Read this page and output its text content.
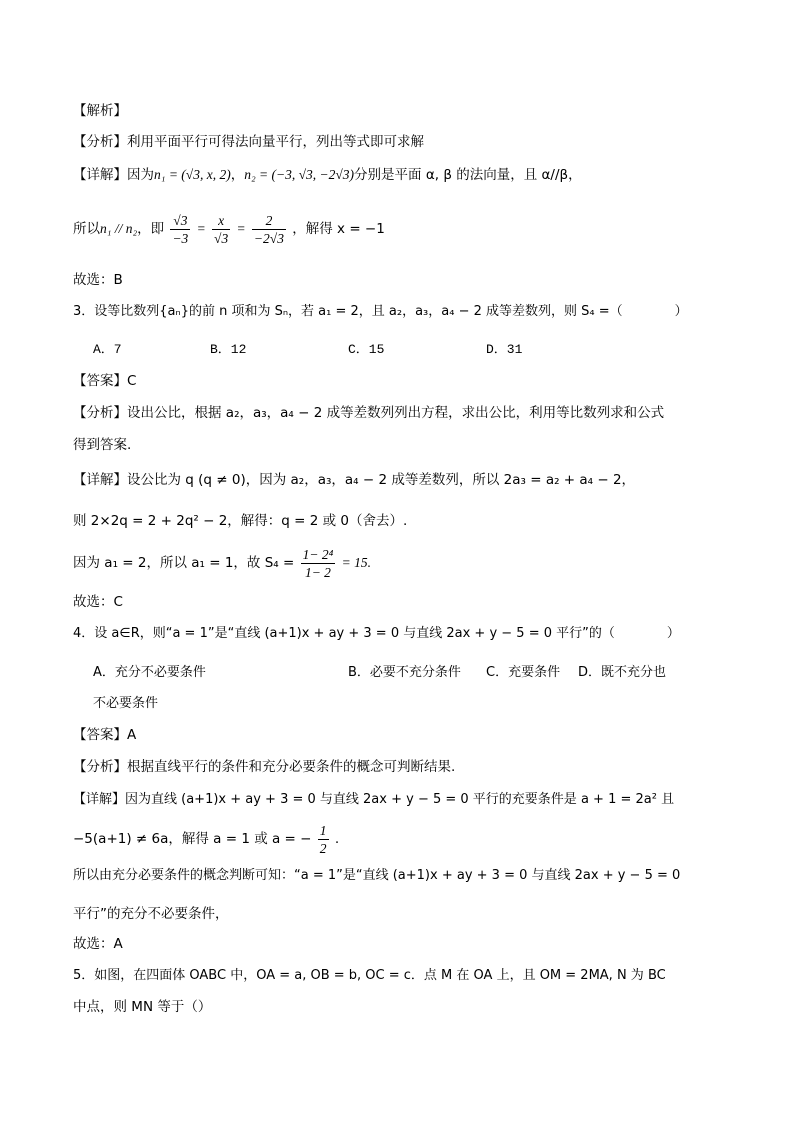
【解析】
【分析】利用平面平行可得法向量平行，列出等式即可求解
【详解】因为n₁ = (√3, x, 2)，n₂ = (−3, √3, −2√3)分别是平面 α, β 的法向量，且 α//β，
所以n₁ // n₂，即 $\frac{√3}{-3} = \frac{x}{√3} = \frac{2}{-2√3}$ ，解得 x = −1
故选：B
3．设等比数列{aₙ}的前 n 项和为 Sₙ，若 a₁ = 2，且 a₂，a₃，a₄ − 2 成等差数列，则 S₄ =（　　　　）
A．7	B．12	C．15	D．31
【答案】C
【分析】设出公比，根据 a₂，a₃，a₄ − 2 成等差数列列出方程，求出公比，利用等比数列求和公式
得到答案.
【详解】设公比为 q (q ≠ 0)，因为 a₂，a₃，a₄ − 2 成等差数列，所以 2a₃ = a₂ + a₄ − 2，
则 2×2q = 2 + 2q² − 2，解得：q = 2 或 0（舍去）.
因为 a₁ = 2，所以 a₁ = 1，故 $S_4 = \frac{\text{1− 2⁴}}{1- 2} = 15$.
故选：C
4．设 a∈R，则“a = 1”是“直线 (a+1)x + ay + 3 = 0 与直线 2ax + y − 5 = 0 平行”的（　　　　）
A．充分不必要条件	B．必要不充分条件 C．充要条件 D．既不充分也
不必要条件
【答案】A
【分析】根据直线平行的条件和充分必要条件的概念可判断结果.
【详解】因为直线 (a+1)x + ay + 3 = 0 与直线 2ax + y − 5 = 0 平行的充要条件是 a + 1 = 2a² 且
−5(a+1) ≠ 6a，解得 a = 1 或 a = − $\frac{1}{2}$ .
所以由充分必要条件的概念判断可知：“a = 1”是“直线 (a+1)x + ay + 3 = 0 与直线 2ax + y − 5 = 0
平行”的充分不必要条件，
故选：A
5．如图，在四面体 OABC 中，OA = a, OB = b, OC = c．点 M 在 OA 上，且 OM = 2MA, N 为 BC
中点，则 MN 等于（）
